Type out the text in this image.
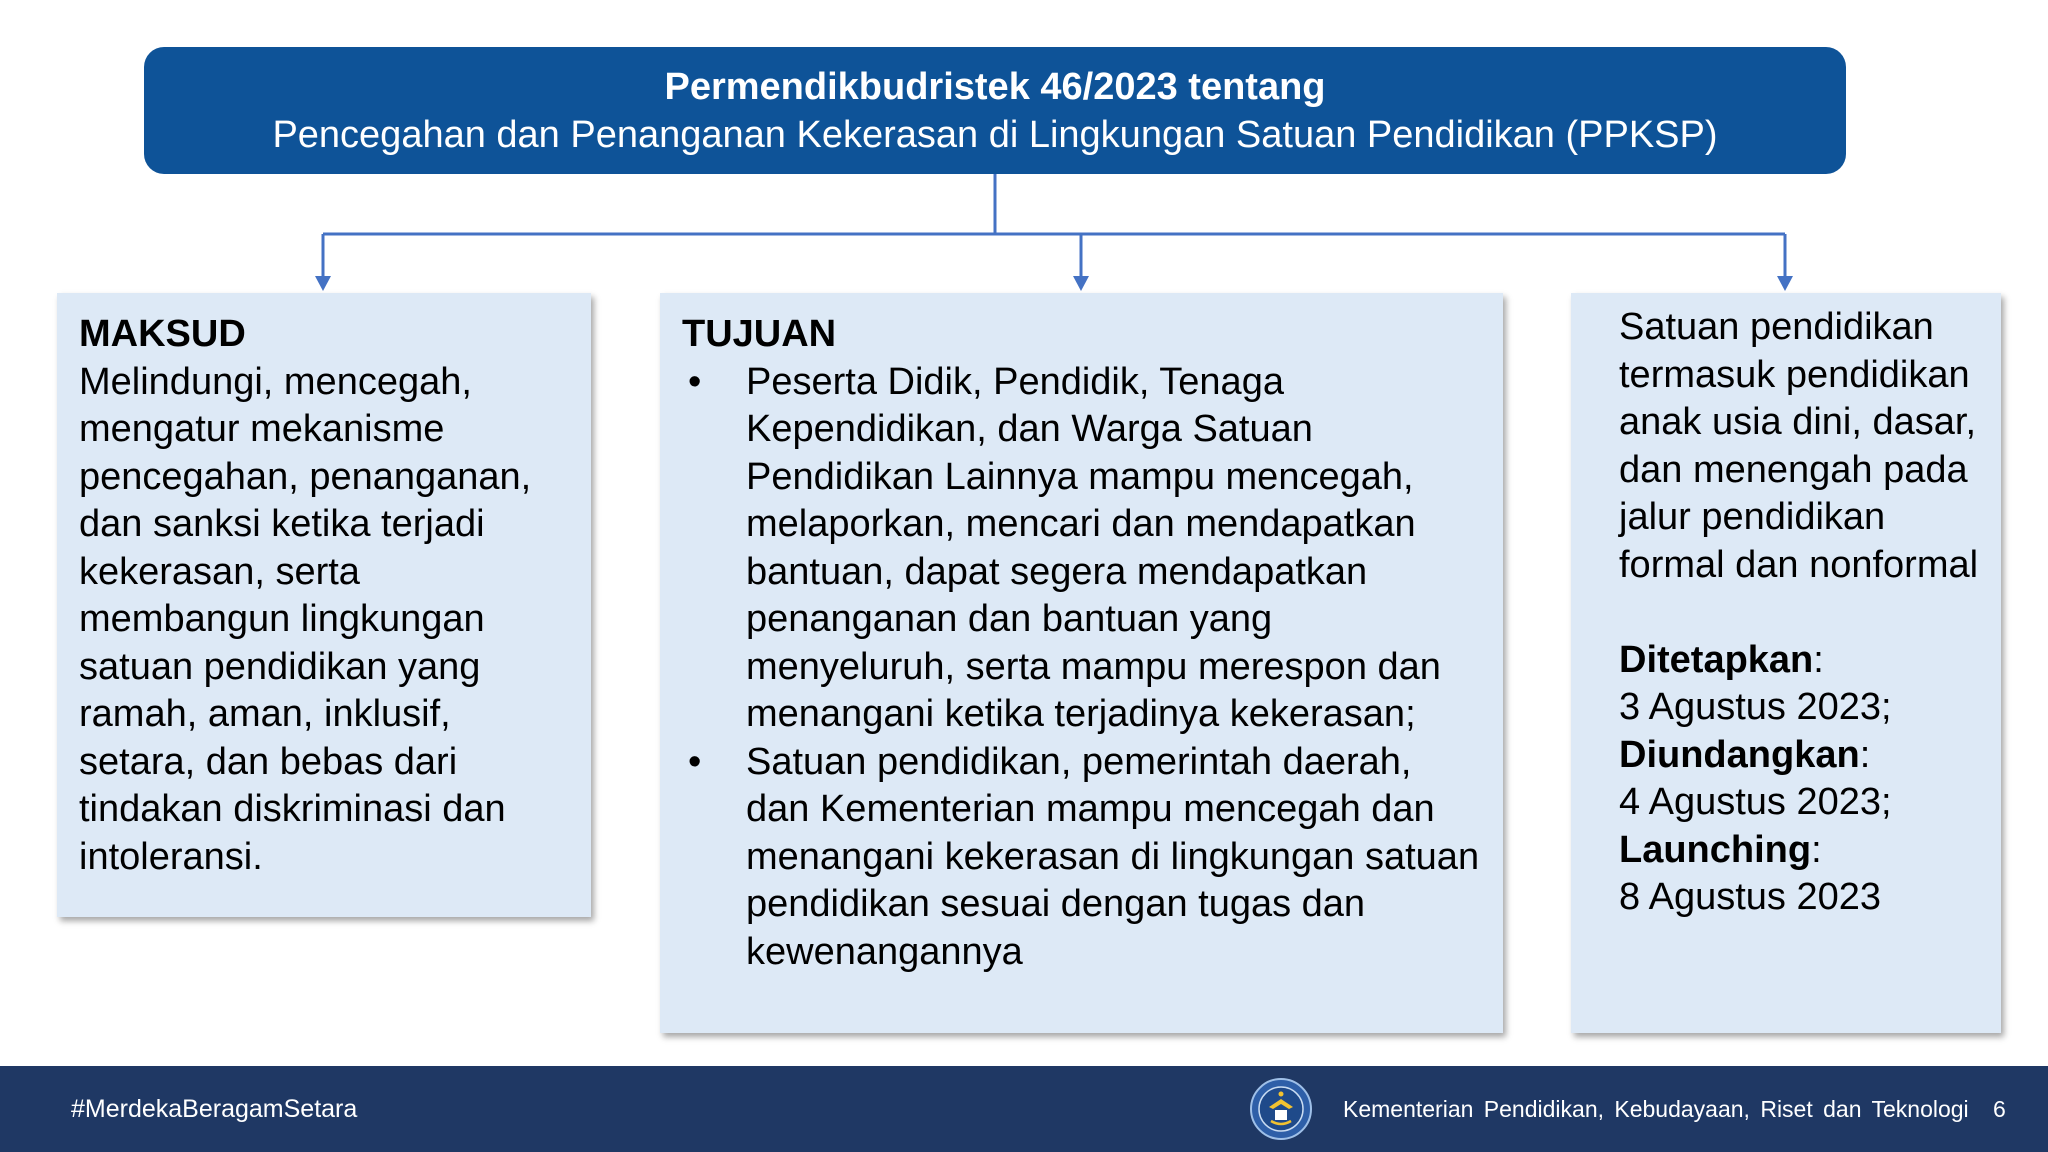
Permendikbudristek 46/2023 tentang
Pencegahan dan Penanganan Kekerasan di Lingkungan Satuan Pendidikan (PPKSP)
MAKSUD
Melindungi, mencegah, mengatur mekanisme pencegahan, penanganan, dan sanksi ketika terjadi kekerasan, serta membangun lingkungan satuan pendidikan yang ramah, aman, inklusif, setara, dan bebas dari tindakan diskriminasi dan intoleransi.
TUJUAN
• Peserta Didik, Pendidik, Tenaga Kependidikan, dan Warga Satuan Pendidikan Lainnya mampu mencegah, melaporkan, mencari dan mendapatkan bantuan, dapat segera mendapatkan penanganan dan bantuan yang menyeluruh, serta mampu merespon dan menangani ketika terjadinya kekerasan;
• Satuan pendidikan, pemerintah daerah, dan Kementerian mampu mencegah dan menangani kekerasan di lingkungan satuan pendidikan sesuai dengan tugas dan kewenangannya
Satuan pendidikan termasuk pendidikan anak usia dini, dasar, dan menengah pada jalur pendidikan formal dan nonformal
Ditetapkan:
3 Agustus 2023;
Diundangkan:
4 Agustus 2023;
Launching:
8 Agustus 2023
#MerdekaBeragamSetara	Kementerian Pendidikan, Kebudayaan, Riset dan Teknologi 6
